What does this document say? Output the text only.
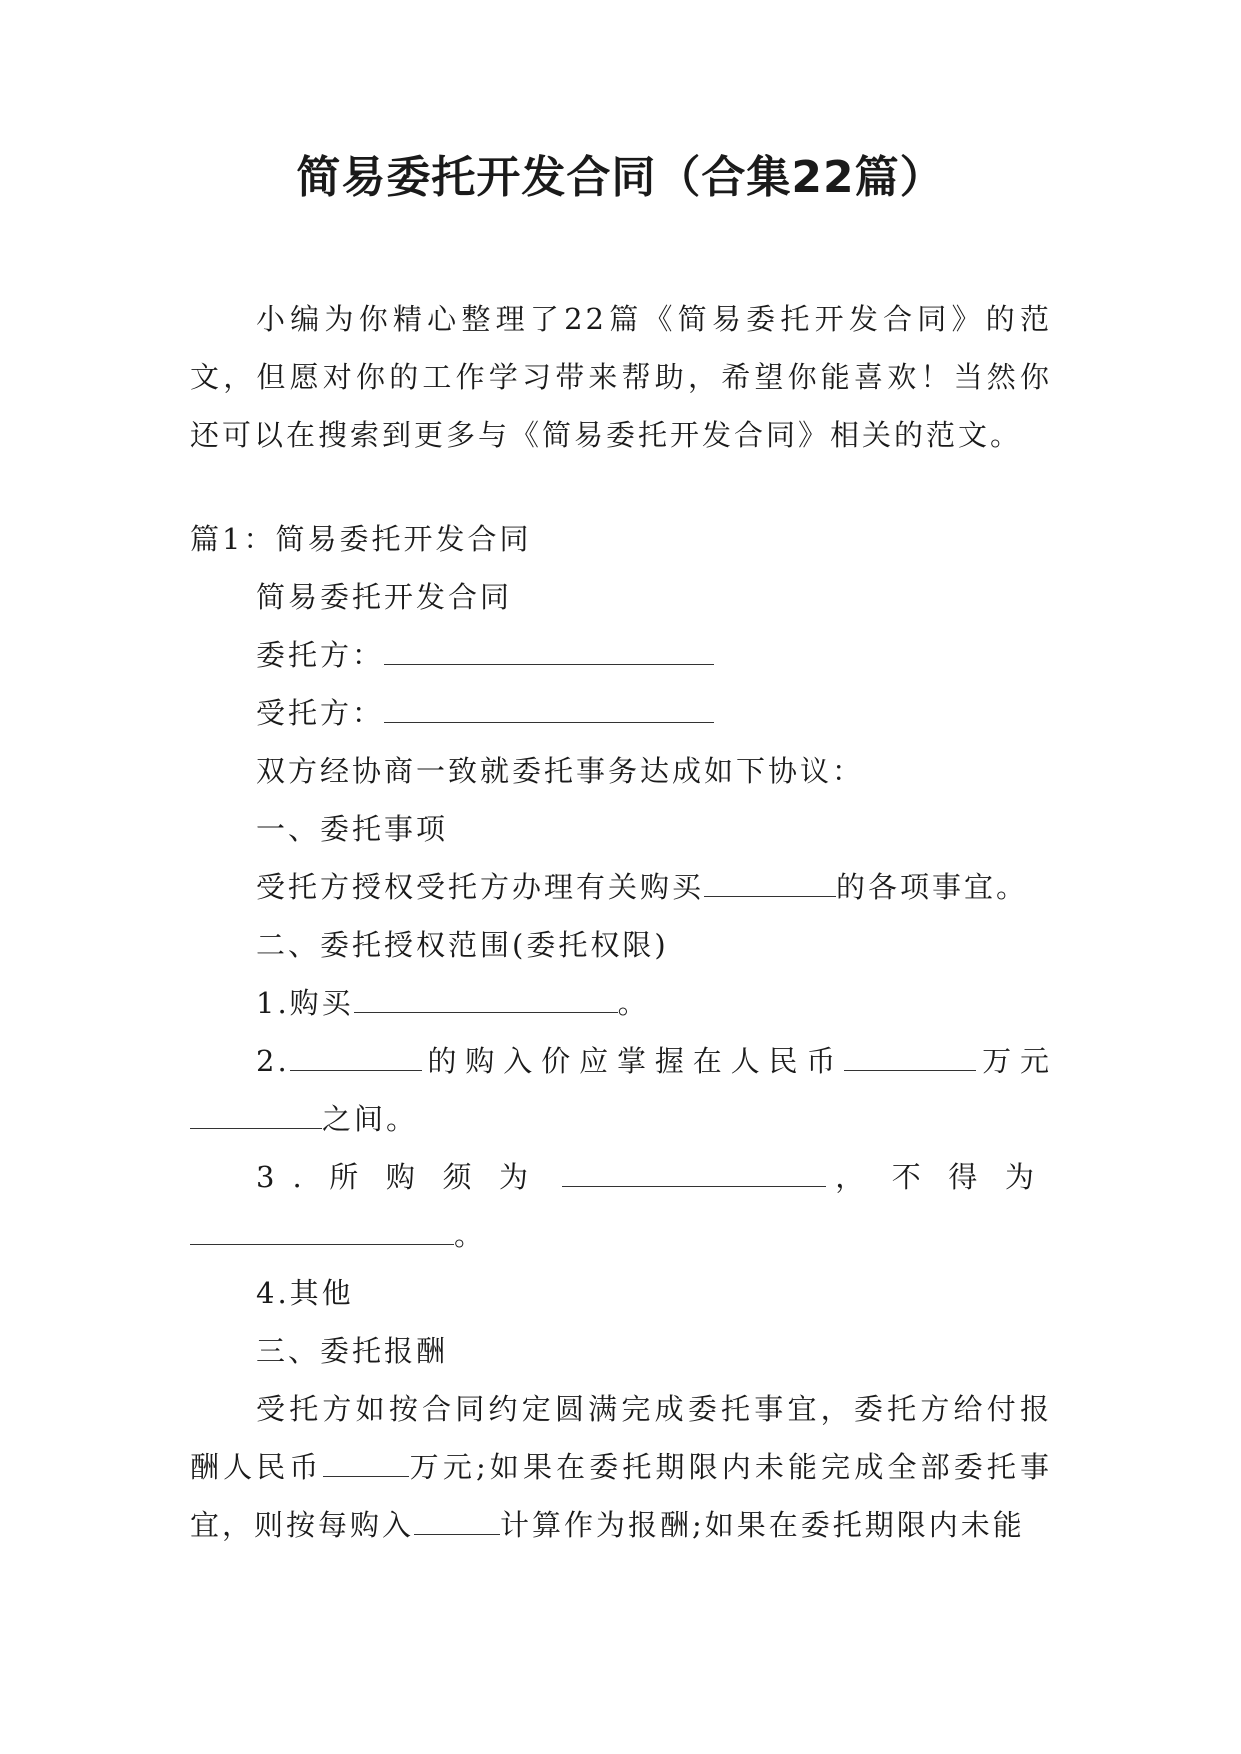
简易委托开发合同（合集22篇）

小编为你精心整理了22篇《简易委托开发合同》的范文，但愿对你的工作学习带来帮助，希望你能喜欢！当然你还可以在搜索到更多与《简易委托开发合同》相关的范文。

篇1：简易委托开发合同

简易委托开发合同

委托方：

受托方：

双方经协商一致就委托事务达成如下协议：

一、委托事项

受托方授权受托方办理有关购买	的各项事宜。

二、委托授权范围(委托权限)

1.购买	。

2.	的购入价应掌握在人民币	万元之间。

3.所购须为	，不得为。

4.其他

三、委托报酬

受托方如按合同约定圆满完成委托事宜，委托方给付报酬人民币	万元;如果在委托期限内未能完成全部委托事宜，则按每购入	计算作为报酬;如果在委托期限内未能
